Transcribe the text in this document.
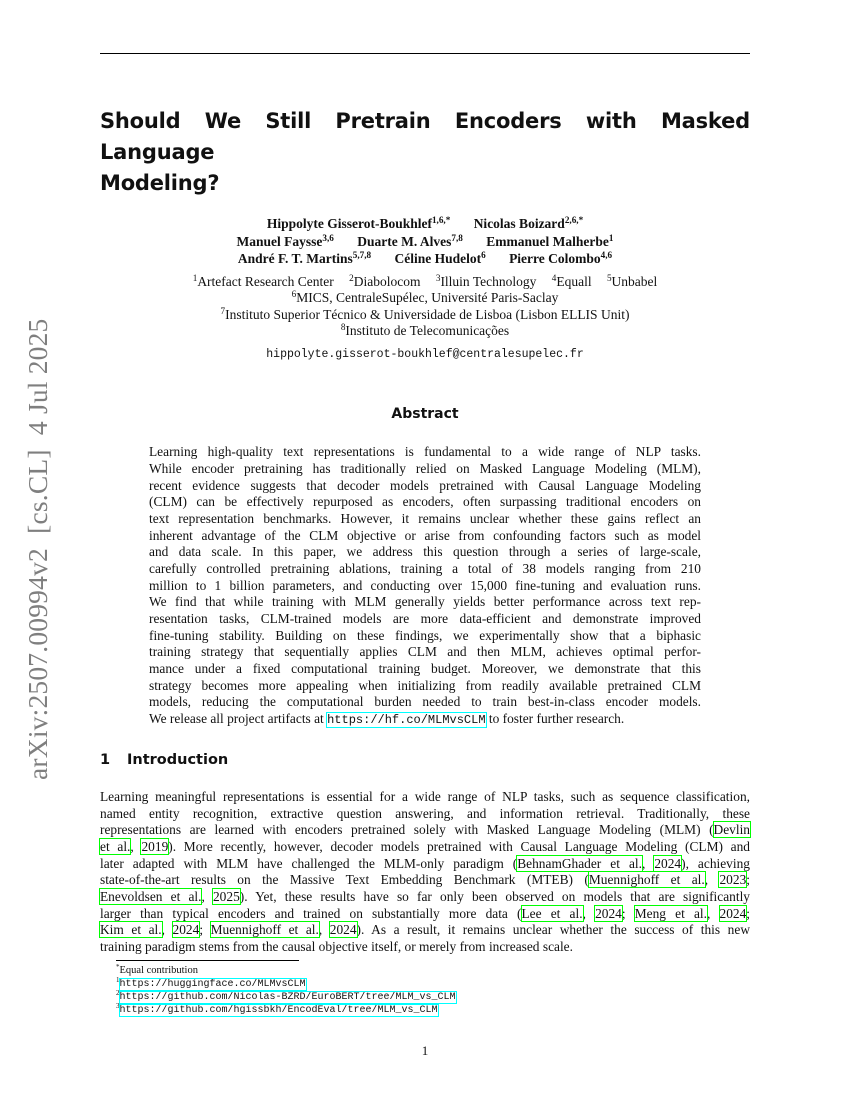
arXiv:2507.00994v2  [cs.CL]  4 Jul 2025
Should We Still Pretrain Encoders with Masked Language
Modeling?
Hippolyte Gisserot-Boukhlef$^{1,6,*}$ Nicolas Boizard$^{2,6,*}$
Manuel Faysse$^{3,6}$ Duarte M. Alves$^{7,8}$ Emmanuel Malherbe$^1$
André F. T. Martins$^{5,7,8}$ Céline Hudelot$^6$ Pierre Colombo$^{4,6}$
$^1$Artefact Research Center $^2$Diabolocom $^3$Illuin Technology $^4$Equall $^5$Unbabel
$^6$MICS, CentraleSupélec, Université Paris-Saclay
$^7$Instituto Superior Técnico & Universidade de Lisboa (Lisbon ELLIS Unit)
$^8$Instituto de Telecomunicações
hippolyte.gisserot-boukhlef@centralesupelec.fr
Abstract
Learning high-quality text representations is fundamental to a wide range of NLP tasks.
While encoder pretraining has traditionally relied on Masked Language Modeling (MLM),
recent evidence suggests that decoder models pretrained with Causal Language Modeling
(CLM) can be effectively repurposed as encoders, often surpassing traditional encoders on
text representation benchmarks. However, it remains unclear whether these gains reflect an
inherent advantage of the CLM objective or arise from confounding factors such as model
and data scale. In this paper, we address this question through a series of large-scale,
carefully controlled pretraining ablations, training a total of 38 models ranging from 210
million to 1 billion parameters, and conducting over 15,000 fine-tuning and evaluation runs.
We find that while training with MLM generally yields better performance across text rep-
resentation tasks, CLM-trained models are more data-efficient and demonstrate improved
fine-tuning stability. Building on these findings, we experimentally show that a biphasic
training strategy that sequentially applies CLM and then MLM, achieves optimal perfor-
mance under a fixed computational training budget. Moreover, we demonstrate that this
strategy becomes more appealing when initializing from readily available pretrained CLM
models, reducing the computational burden needed to train best-in-class encoder models.
We release all project artifacts at https://hf.co/MLMvsCLM to foster further research.
1 Introduction
Learning meaningful representations is essential for a wide range of NLP tasks, such as sequence classification,
named entity recognition, extractive question answering, and information retrieval. Traditionally, these
representations are learned with encoders pretrained solely with Masked Language Modeling (MLM) (Devlin
et al., 2019). More recently, however, decoder models pretrained with Causal Language Modeling (CLM) and
later adapted with MLM have challenged the MLM-only paradigm (BehnamGhader et al., 2024), achieving
state-of-the-art results on the Massive Text Embedding Benchmark (MTEB) (Muennighoff et al., 2023;
Enevoldsen et al., 2025). Yet, these results have so far only been observed on models that are significantly
larger than typical encoders and trained on substantially more data (Lee et al., 2024; Meng et al., 2024;
Kim et al., 2024; Muennighoff et al., 2024). As a result, it remains unclear whether the success of this new
training paradigm stems from the causal objective itself, or merely from increased scale.
*Equal contribution
$^1$https://huggingface.co/MLMvsCLM
$^2$https://github.com/Nicolas-BZRD/EuroBERT/tree/MLM_vs_CLM
$^3$https://github.com/hgissbkh/EncodEval/tree/MLM_vs_CLM
1
